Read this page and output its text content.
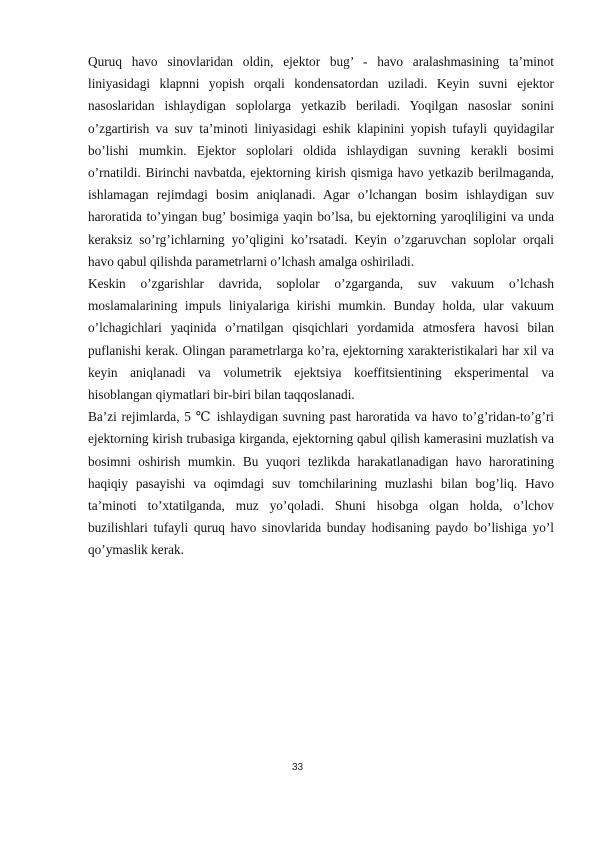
Quruq havo sinovlaridan oldin, ejektor bug’ - havo aralashmasining ta’minot liniyasidagi klapnni yopish orqali kondensatordan uziladi. Keyin suvni ejektor nasoslaridan ishlaydigan soplolarga yetkazib beriladi. Yoqilgan nasoslar sonini o’zgartirish va suv ta’minoti liniyasidagi eshik klapinini yopish tufayli quyidagilar bo’lishi mumkin. Ejektor soplolari oldida ishlaydigan suvning kerakli bosimi o’rnatildi. Birinchi navbatda, ejektorning kirish qismiga havo yetkazib berilmaganda, ishlamagan rejimdagi bosim aniqlanadi. Agar o’lchangan bosim ishlaydigan suv haroratida to’yingan bug’ bosimiga yaqin bo’lsa, bu ejektorning yaroqliligini va unda keraksiz so’rg’ichlarning yo’qligini ko’rsatadi. Keyin o’zgaruvchan soplolar orqali havo qabul qilishda parametrlarni o’lchash amalga oshiriladi.

Keskin o’zgarishlar davrida, soplolar o’zgarganda, suv vakuum o’lchash moslamalarining impuls liniyalariga kirishi mumkin. Bunday holda, ular vakuum o’lchagichlari yaqinida o’rnatilgan qisqichlari yordamida atmosfera havosi bilan puflanishi kerak. Olingan parametrlarga ko’ra, ejektorning xarakteristikalari har xil va keyin aniqlanadi va volumetrik ejektsiya koeffitsientining eksperimental va hisoblangan qiymatlari bir-biri bilan taqqoslanadi.

Ba’zi rejimlarda, 5 ℃ ishlaydigan suvning past haroratida va havo to’g’ridan-to’g’ri ejektorning kirish trubasiga kirganda, ejektorning qabul qilish kamerasini muzlatish va bosimni oshirish mumkin. Bu yuqori tezlikda harakatlanadigan havo haroratining haqiqiy pasayishi va oqimdagi suv tomchilarining muzlashi bilan bog’liq. Havo ta’minoti to’xtatilganda, muz yo’qoladi. Shuni hisobga olgan holda, o’lchov buzilishlari tufayli quruq havo sinovlarida bunday hodisaning paydo bo’lishiga yo’l qo’ymaslik kerak.

33
